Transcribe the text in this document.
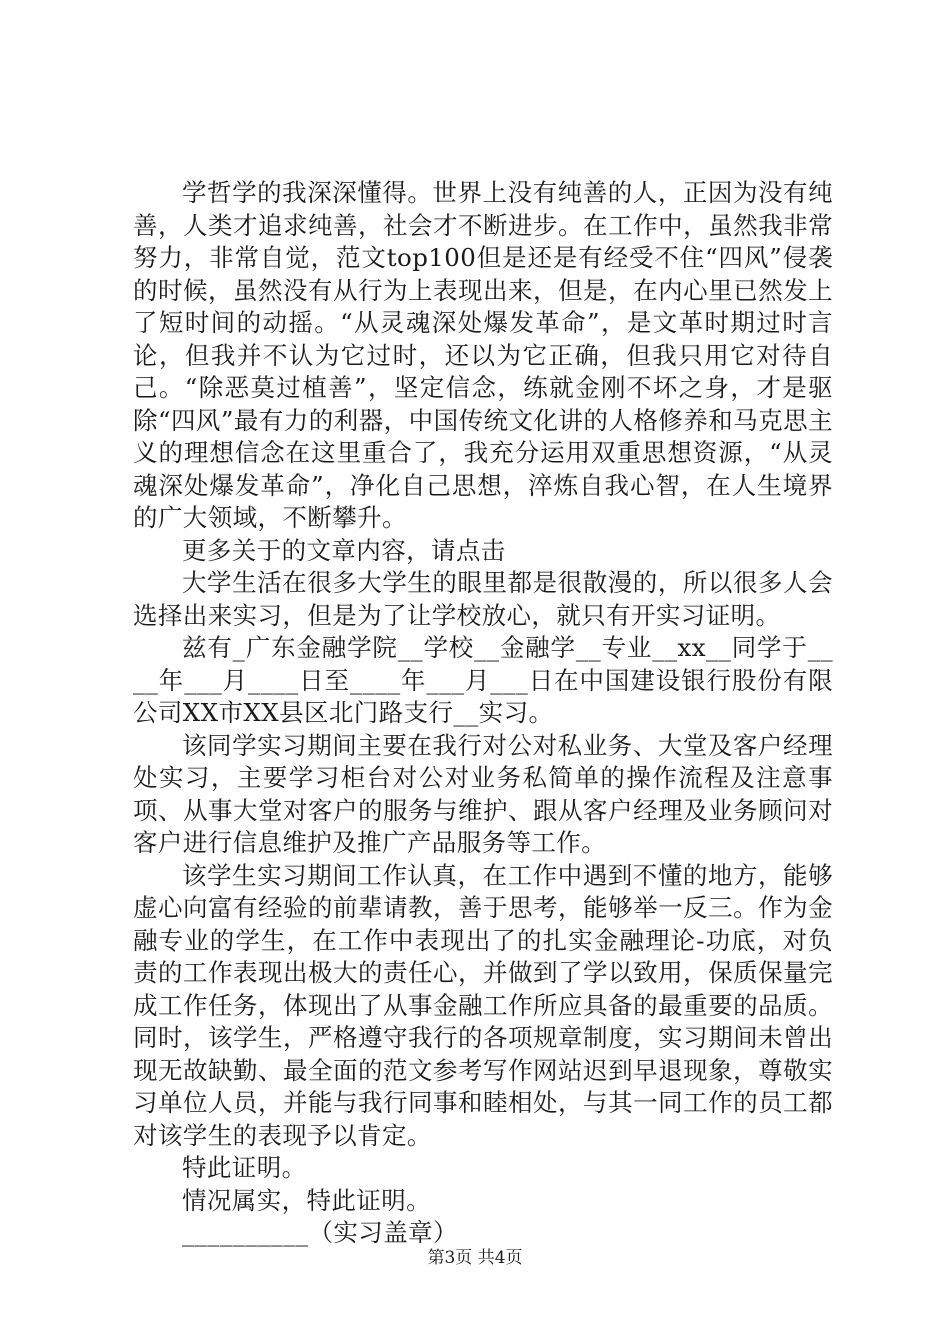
学哲学的我深深懂得。世界上没有纯善的人，正因为没有纯善，人类才追求纯善，社会才不断进步。在工作中，虽然我非常努力，非常自觉，范文top100但是还是有经受不住“四风”侵袭的时候，虽然没有从行为上表现出来，但是，在内心里已然发上了短时间的动摇。“从灵魂深处爆发革命”，是文革时期过时言论，但我并不认为它过时，还以为它正确，但我只用它对待自己。“除恶莫过植善”，坚定信念，练就金刚不坏之身，才是驱除“四风”最有力的利器，中国传统文化讲的人格修养和马克思主义的理想信念在这里重合了，我充分运用双重思想资源，“从灵魂深处爆发革命”，净化自己思想，淬炼自我心智，在人生境界的广大领域，不断攀升。

更多关于的文章内容，请点击

大学生活在很多大学生的眼里都是很散漫的，所以很多人会选择出来实习，但是为了让学校放心，就只有开实习证明。

兹有_广东金融学院__学校__金融学__专业__xx__同学于____年___月____日至____年___月___日在中国建设银行股份有限公司XX市XX县区北门路支行__实习。

该同学实习期间主要在我行对公对私业务、大堂及客户经理处实习，主要学习柜台对公对业务私简单的操作流程及注意事项、从事大堂对客户的服务与维护、跟从客户经理及业务顾问对客户进行信息维护及推广产品服务等工作。

该学生实习期间工作认真，在工作中遇到不懂的地方，能够虚心向富有经验的前辈请教，善于思考，能够举一反三。作为金融专业的学生，在工作中表现出了的扎实金融理论-功底，对负责的工作表现出极大的责任心，并做到了学以致用，保质保量完成工作任务，体现出了从事金融工作所应具备的最重要的品质。同时，该学生，严格遵守我行的各项规章制度，实习期间未曾出现无故缺勤、最全面的范文参考写作网站迟到早退现象，尊敬实习单位人员，并能与我行同事和睦相处，与其一同工作的员工都对该学生的表现予以肯定。

特此证明。

情况属实，特此证明。

__________（实习盖章）

第3页 共4页
